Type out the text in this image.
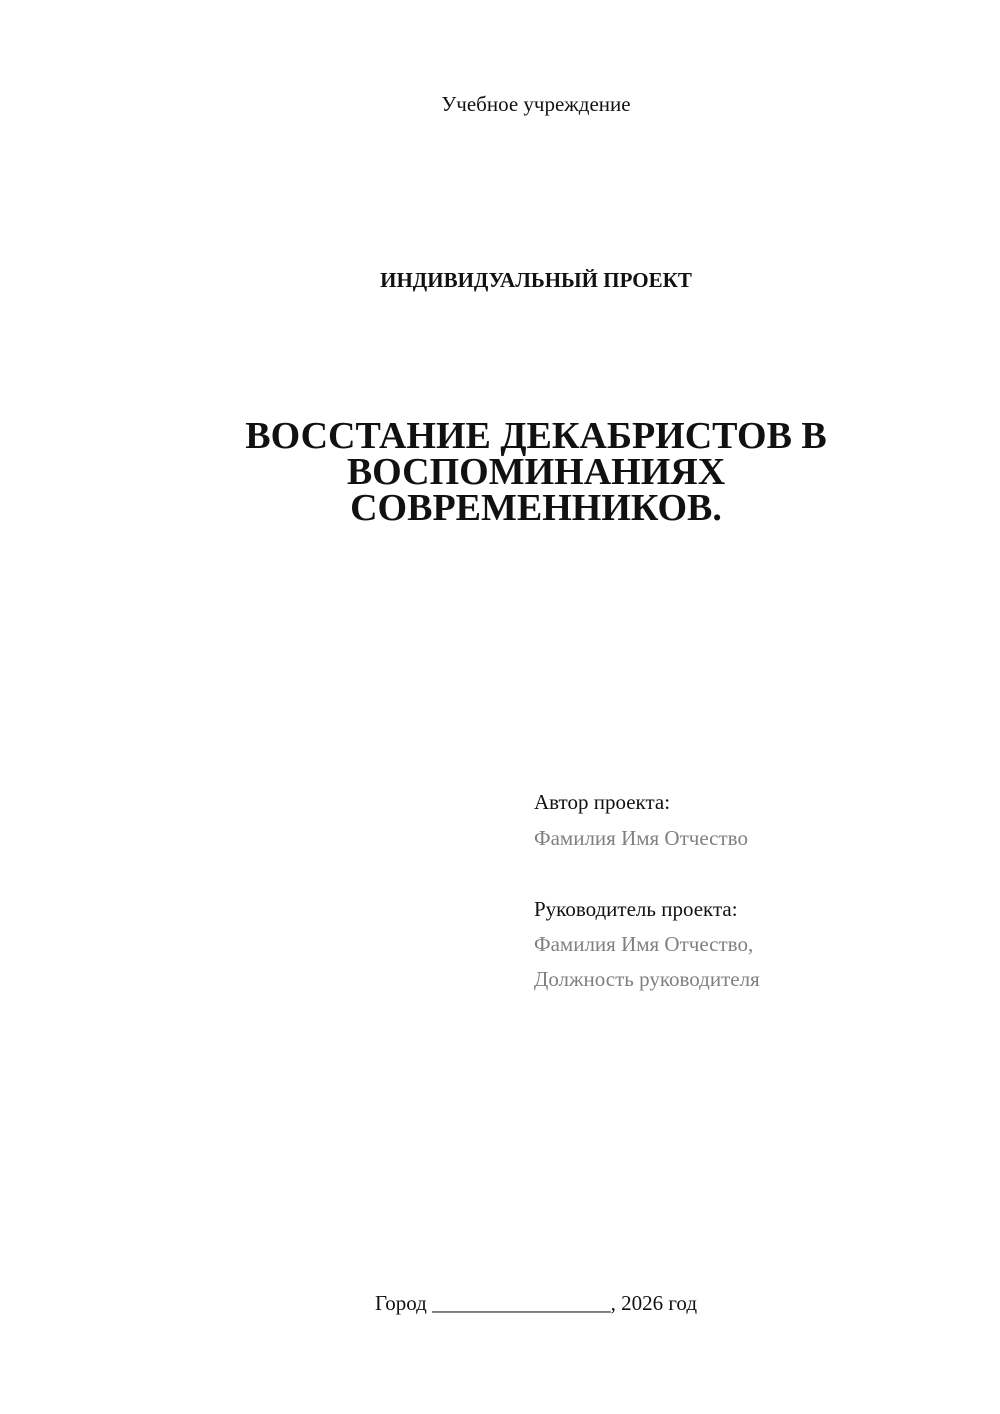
Учебное учреждение
ИНДИВИДУАЛЬНЫЙ ПРОЕКТ
ВОССТАНИЕ ДЕКАБРИСТОВ В
ВОСПОМИНАНИЯХ
СОВРЕМЕННИКОВ.
Автор проекта:
Фамилия Имя Отчество
Руководитель проекта:
Фамилия Имя Отчество,
Должность руководителя
Город _________________, 2026 год
